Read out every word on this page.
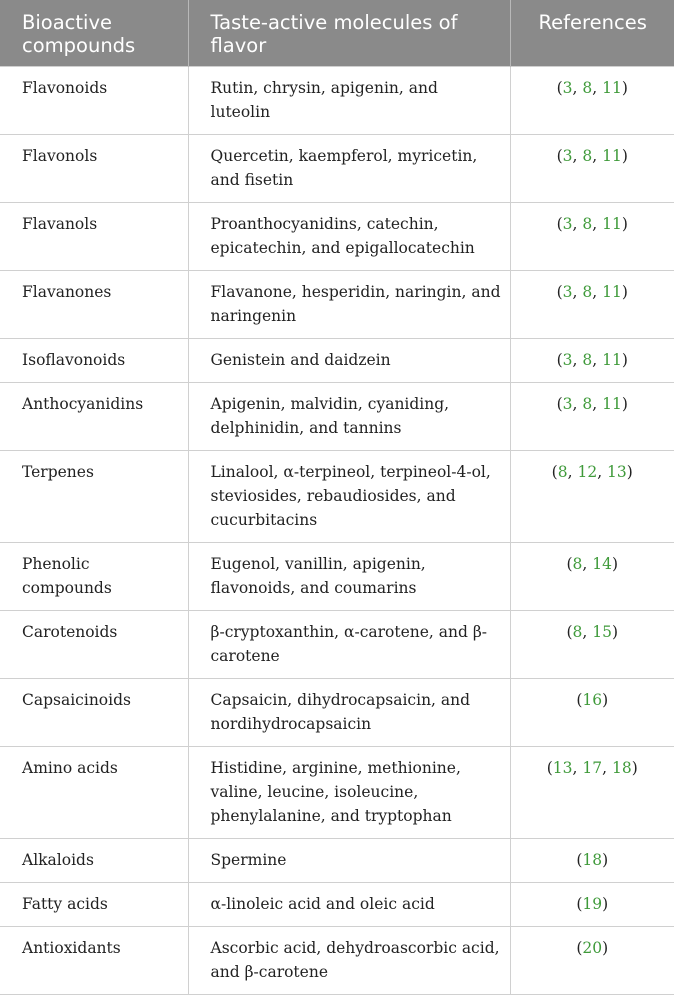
Bioactive compounds	Taste-active molecules of flavor	References
Flavonoids	Rutin, chrysin, apigenin, and luteolin	(3, 8, 11)
Flavonols	Quercetin, kaempferol, myricetin, and fisetin	(3, 8, 11)
Flavanols	Proanthocyanidins, catechin, epicatechin, and epigallocatechin	(3, 8, 11)
Flavanones	Flavanone, hesperidin, naringin, and naringenin	(3, 8, 11)
Isoflavonoids	Genistein and daidzein	(3, 8, 11)
Anthocyanidins	Apigenin, malvidin, cyaniding, delphinidin, and tannins	(3, 8, 11)
Terpenes	Linalool, α-terpineol, terpineol-4-ol, steviosides, rebaudiosides, and cucurbitacins	(8, 12, 13)
Phenolic compounds	Eugenol, vanillin, apigenin, flavonoids, and coumarins	(8, 14)
Carotenoids	β-cryptoxanthin, α-carotene, and β-carotene	(8, 15)
Capsaicinoids	Capsaicin, dihydrocapsaicin, and nordihydrocapsaicin	(16)
Amino acids	Histidine, arginine, methionine, valine, leucine, isoleucine, phenylalanine, and tryptophan	(13, 17, 18)
Alkaloids	Spermine	(18)
Fatty acids	α-linoleic acid and oleic acid	(19)
Antioxidants	Ascorbic acid, dehydroascorbic acid, and β-carotene	(20)
